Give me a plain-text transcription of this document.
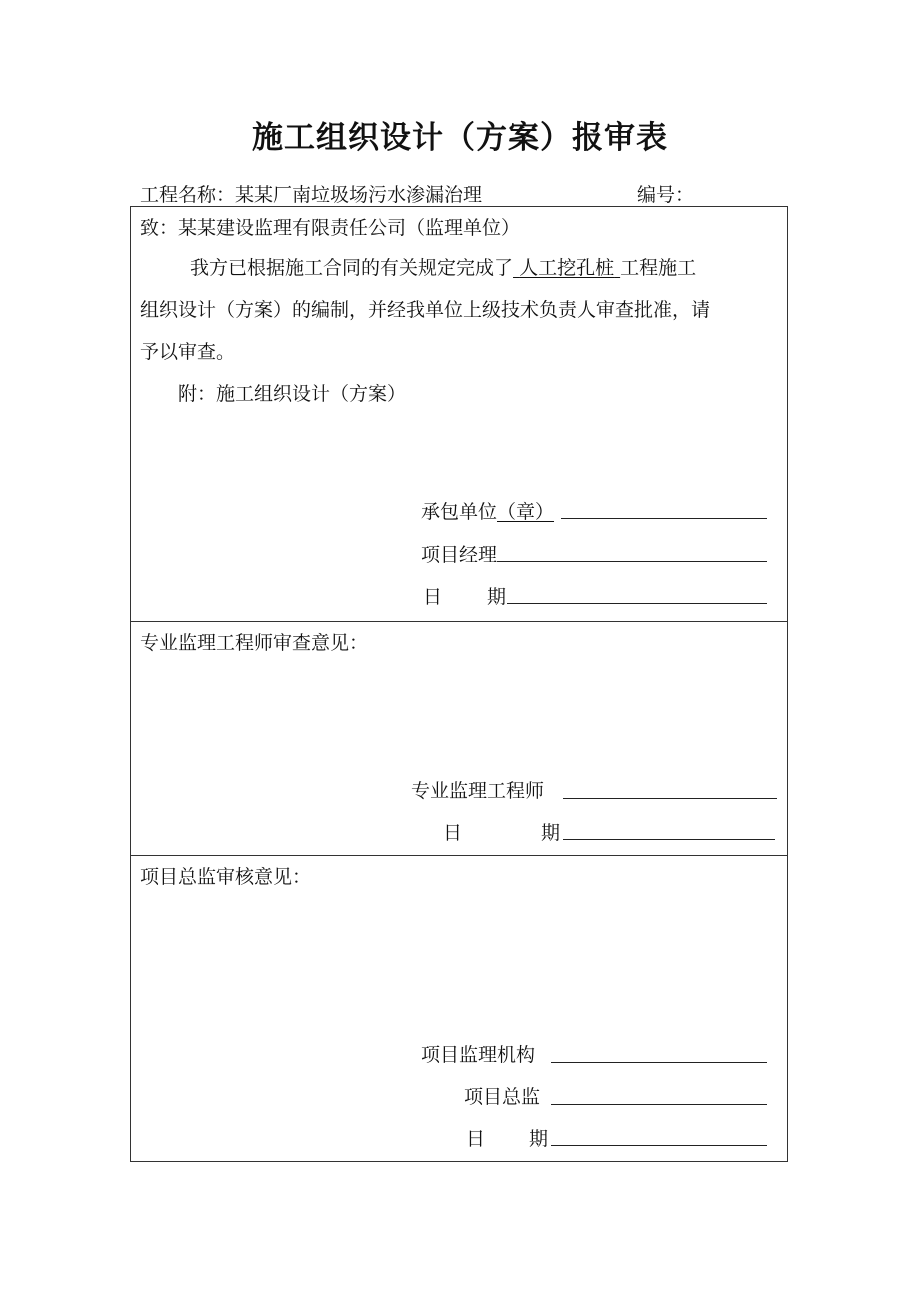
施工组织设计（方案）报审表
工程名称：某某厂南垃圾场污水渗漏治理	编号：
致：某某建设监理有限责任公司（监理单位）
我方已根据施工合同的有关规定完成了 人工挖孔桩 工程施工
组织设计（方案）的编制，并经我单位上级技术负责人审查批准，请
予以审查。
附：施工组织设计（方案）
承包单位 （章）
项目经理
日 期
专业监理工程师审查意见：
专业监理工程师
日	期
项目总监审核意见：
项目监理机构
项目总监
日 期
